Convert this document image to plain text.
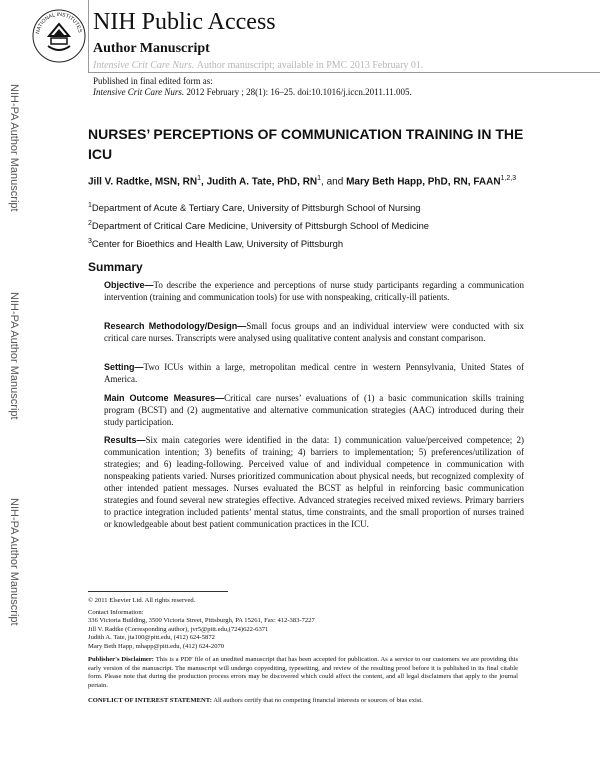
NATIONAL INSTITUTES NIH Public Access
Author Manuscript
Intensive Crit Care Nurs. Author manuscript; available in PMC 2013 February 01.
Published in final edited form as:
Intensive Crit Care Nurs. 2012 February ; 28(1): 16–25. doi:10.1016/j.iccn.2011.11.005.
NIH-PA Author Manuscript
NIH-PA Author Manuscript
NIH-PA Author Manuscript
NURSES’ PERCEPTIONS OF COMMUNICATION TRAINING IN THE ICU
Jill V. Radtke, MSN, $RN^1$, Judith A. Tate, PhD, $RN^1$, and Mary Beth Happ, PhD, RN, FAAN$^{1,2,3}$
$^1$Department of Acute & Tertiary Care, University of Pittsburgh School of Nursing
$^2$Department of Critical Care Medicine, University of Pittsburgh School of Medicine
$^3$Center for Bioethics and Health Law, University of Pittsburgh
Summary
Objective—To describe the experience and perceptions of nurse study participants regarding a communication intervention (training and communication tools) for use with nonspeaking, critically-ill patients.
Research Methodology/Design—Small focus groups and an individual interview were conducted with six critical care nurses. Transcripts were analysed using qualitative content analysis and constant comparison.
Setting—Two ICUs within a large, metropolitan medical centre in western Pennsylvania, United States of America.
Main Outcome Measures—Critical care nurses’ evaluations of (1) a basic communication skills training program (BCST) and (2) augmentative and alternative communication strategies (AAC) introduced during their study participation.
Results—Six main categories were identified in the data: 1) communication value/perceived competence; 2) communication intention; 3) benefits of training; 4) barriers to implementation; 5) preferences/utilization of strategies; and 6) leading-following. Perceived value of and individual competence in communication with nonspeaking patients varied. Nurses prioritized communication about physical needs, but recognized complexity of other intended patient messages. Nurses evaluated the BCST as helpful in reinforcing basic communication strategies and found several new strategies effective. Advanced strategies received mixed reviews. Primary barriers to practice integration included patients’ mental status, time constraints, and the small proportion of nurses trained or knowledgeable about best patient communication practices in the ICU.
© 2011 Elsevier Ltd. All rights reserved.
Contact Information:
336 Victoria Building, 3500 Victoria Street, Pittsburgh, PA 15261, Fax: 412-383-7227
Jill V. Radtke (Corresponding author), jvr5@pitt.edu,(724)622-6371
Judith A. Tate, jta100@pitt.edu, (412) 624-5872
Mary Beth Happ, mhapp@pitt.edu, (412) 624-2070
Publisher's Disclaimer: This is a PDF file of an unedited manuscript that has been accepted for publication. As a service to our customers we are providing this early version of the manuscript. The manuscript will undergo copyediting, typesetting, and review of the resulting proof before it is published in its final citable form. Please note that during the production process errors may be discovered which could affect the content, and all legal disclaimers that apply to the journal pertain.
CONFLICT OF INTEREST STATEMENT: All authors certify that no competing financial interests or sources of bias exist.
